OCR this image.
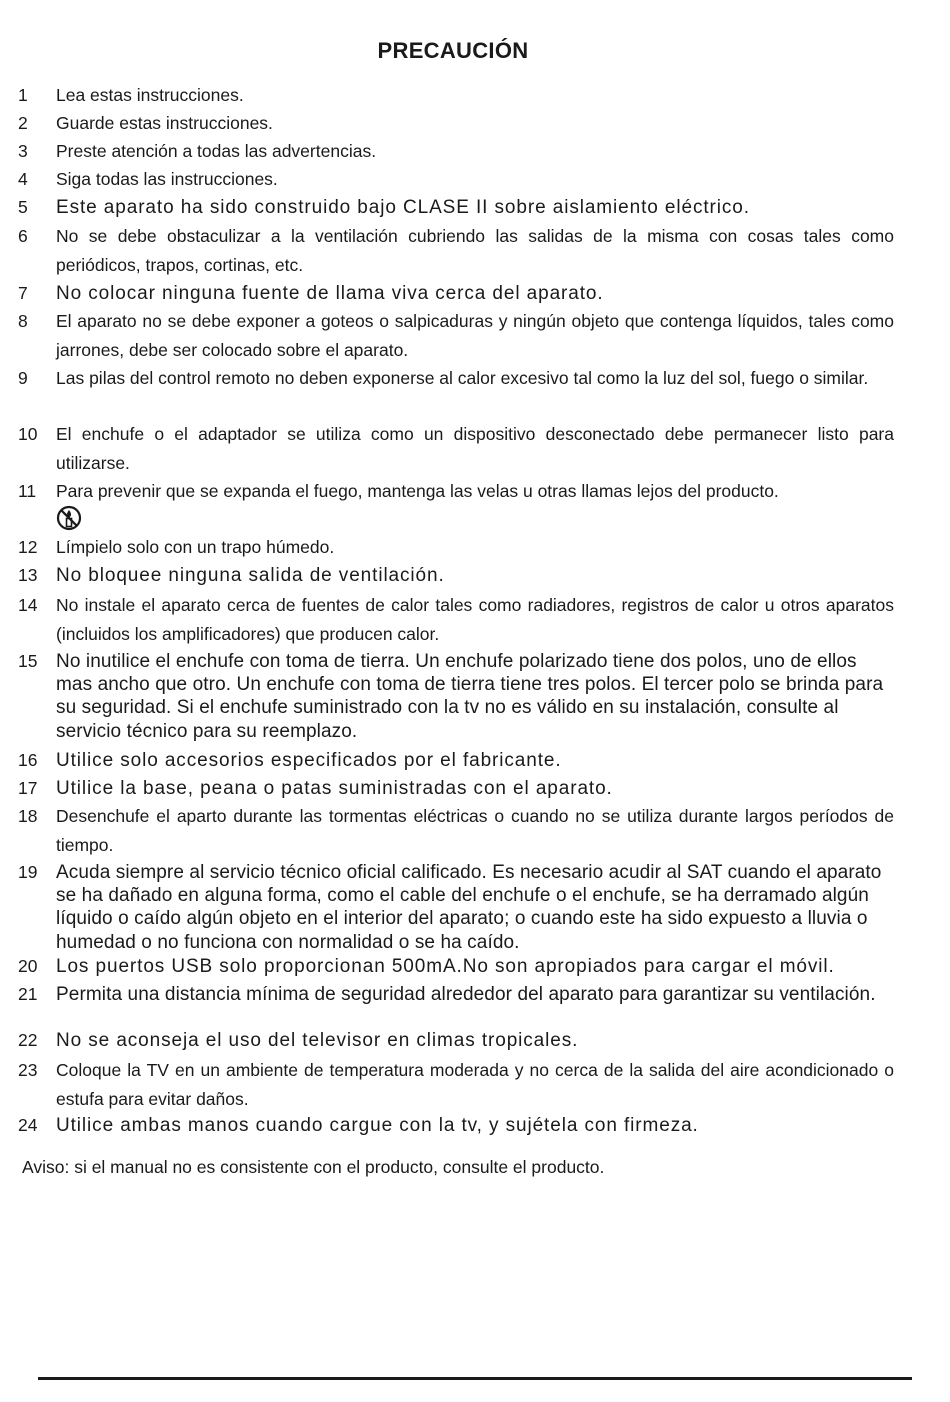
PRECAUCIÓN
1	Lea estas instrucciones.
2	Guarde estas instrucciones.
3	Preste atención a todas las advertencias.
4	Siga todas las instrucciones.
5	Este aparato ha sido construido bajo CLASE II sobre aislamiento eléctrico.
6	No se debe obstaculizar a la ventilación cubriendo las salidas de la misma con cosas tales como periódicos, trapos, cortinas, etc.
7	No colocar ninguna fuente de llama viva cerca del aparato.
8	El aparato no se debe exponer a goteos o salpicaduras y ningún objeto que contenga líquidos, tales como jarrones, debe ser colocado sobre el aparato.
9	Las pilas del control remoto no deben exponerse al calor excesivo tal como la luz del sol, fuego o similar.
10	El enchufe o el adaptador se utiliza como un dispositivo desconectado debe permanecer listo para utilizarse.
11	Para prevenir que se expanda el fuego, mantenga las velas u otras llamas lejos del producto.
12	Límpielo solo con un trapo húmedo.
13 No bloquee ninguna salida de ventilación.
14	No instale el aparato cerca de fuentes de calor tales como radiadores, registros de calor u otros aparatos (incluidos los amplificadores) que producen calor.
15 No inutilice el enchufe con toma de tierra. Un enchufe polarizado tiene dos polos, uno de ellos mas ancho que otro. Un enchufe con toma de tierra tiene tres polos. El tercer polo se brinda para su seguridad. Si el enchufe suministrado con la tv no es válido en su instalación, consulte al servicio técnico para su reemplazo.
16 Utilice solo accesorios especificados por el fabricante.
17 Utilice la base, peana o patas suministradas con el aparato.
18	Desenchufe el aparto durante las tormentas eléctricas o cuando no se utiliza durante largos períodos de tiempo.
19 Acuda siempre al servicio técnico oficial calificado. Es necesario acudir al SAT cuando el aparato se ha dañado en alguna forma, como el cable del enchufe o el enchufe, se ha derramado algún líquido o caído algún objeto en el interior del aparato; o cuando este ha sido expuesto a lluvia o humedad o no funciona con normalidad o se ha caído.
20 Los puertos USB solo proporcionan 500mA.No son apropiados para cargar el móvil.
21 Permita una distancia mínima de seguridad alrededor del aparato para garantizar su ventilación.
22 No se aconseja el uso del televisor en climas tropicales.
23	Coloque la TV en un ambiente de temperatura moderada y no cerca de la salida del aire acondicionado o estufa para evitar daños.
24 Utilice ambas manos cuando cargue con la tv, y sujétela con firmeza.
Aviso: si el manual no es consistente con el producto, consulte el producto.
